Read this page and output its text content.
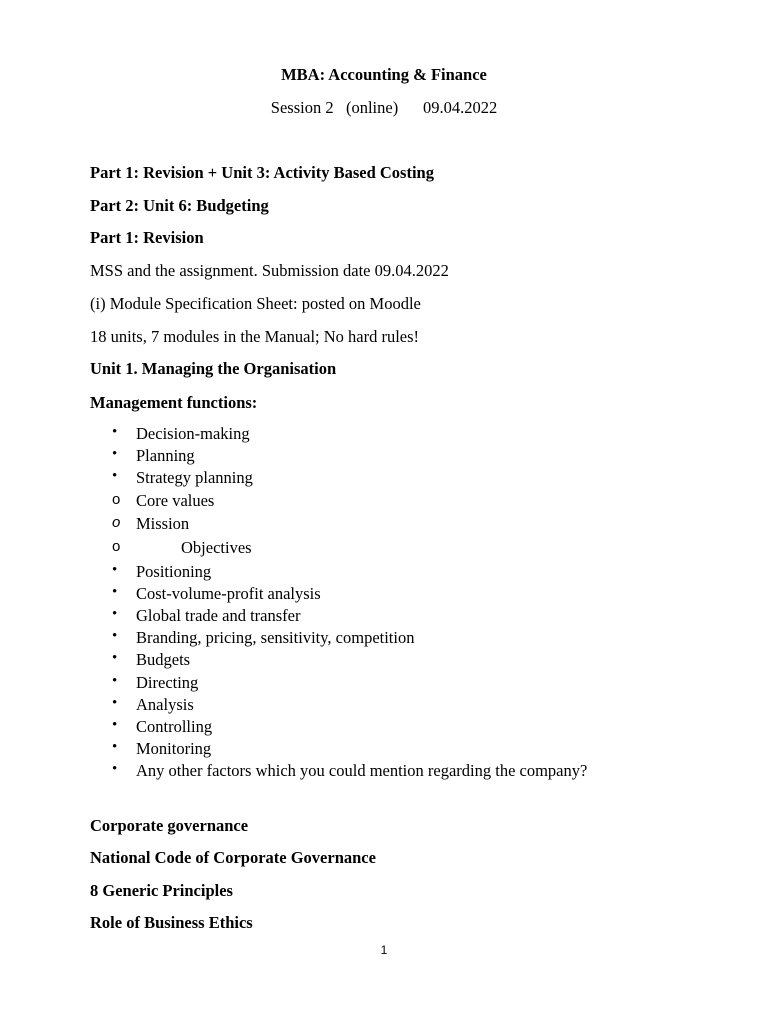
MBA: Accounting & Finance
Session 2   (online)      09.04.2022
Part 1: Revision + Unit 3: Activity Based Costing
Part 2: Unit 6: Budgeting
Part 1: Revision
MSS and the assignment. Submission date 09.04.2022
(i) Module Specification Sheet: posted on Moodle
18 units, 7 modules in the Manual; No hard rules!
Unit 1. Managing the Organisation
Management functions:
•	Decision-making
•	Planning
•	Strategy planning
o Core values
o Mission
o	Objectives
•	Positioning
•	Cost-volume-profit analysis
•	Global trade and transfer
•	Branding, pricing, sensitivity, competition
•	Budgets
•	Directing
•	Analysis
•	Controlling
•	Monitoring
•	Any other factors which you could mention regarding the company?
Corporate governance
National Code of Corporate Governance
8 Generic Principles
Role of Business Ethics
1
